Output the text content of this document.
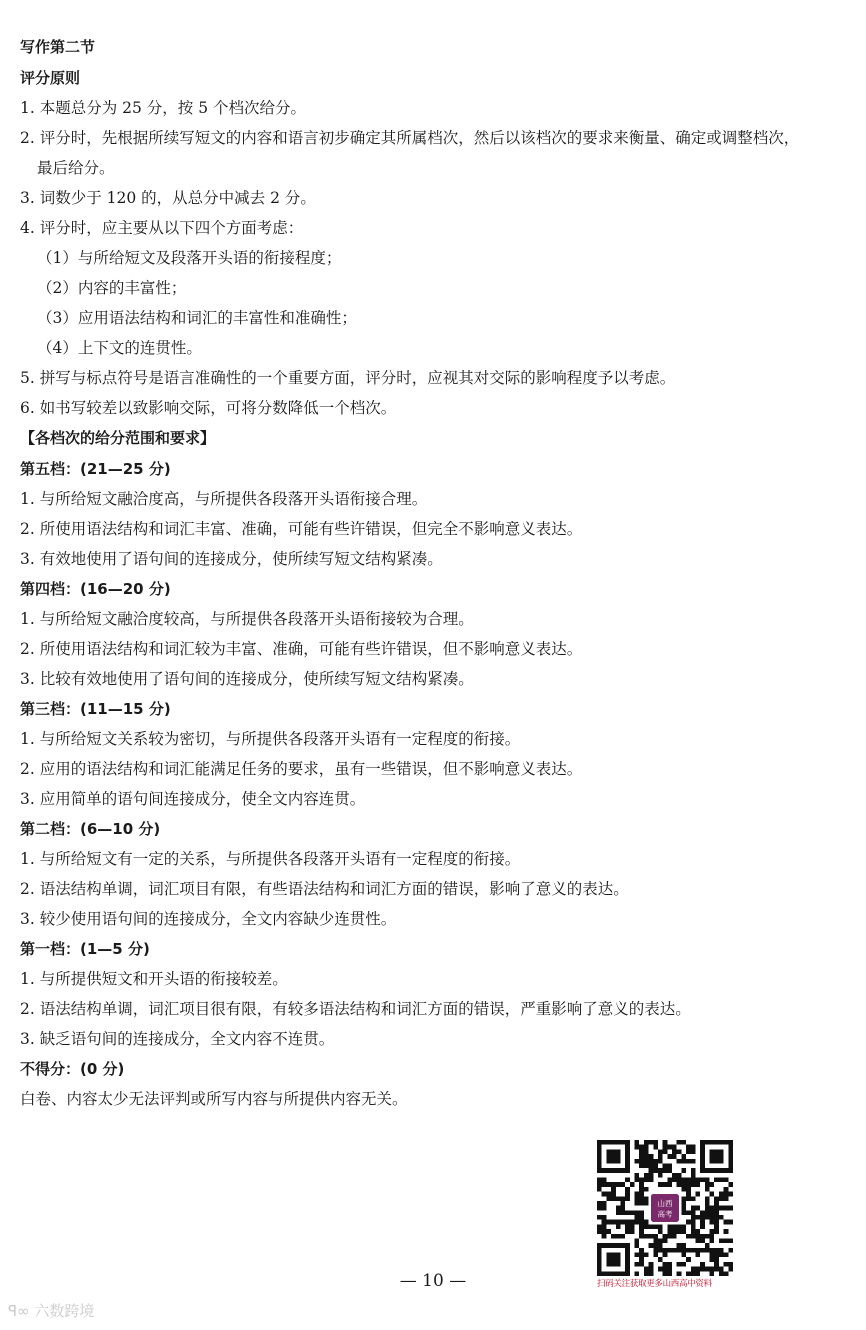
写作第二节
评分原则
1. 本题总分为 25 分，按 5 个档次给分。
2. 评分时，先根据所续写短文的内容和语言初步确定其所属档次，然后以该档次的要求来衡量、确定或调整档次，
最后给分。
3. 词数少于 120 的，从总分中减去 2 分。
4. 评分时，应主要从以下四个方面考虑：
（1）与所给短文及段落开头语的衔接程度；
（2）内容的丰富性；
（3）应用语法结构和词汇的丰富性和准确性；
（4）上下文的连贯性。
5. 拼写与标点符号是语言准确性的一个重要方面，评分时，应视其对交际的影响程度予以考虑。
6. 如书写较差以致影响交际，可将分数降低一个档次。
【各档次的给分范围和要求】
第五档：(21—25 分)
1. 与所给短文融洽度高，与所提供各段落开头语衔接合理。
2. 所使用语法结构和词汇丰富、准确，可能有些许错误，但完全不影响意义表达。
3. 有效地使用了语句间的连接成分，使所续写短文结构紧凑。
第四档：(16—20 分)
1. 与所给短文融洽度较高，与所提供各段落开头语衔接较为合理。
2. 所使用语法结构和词汇较为丰富、准确，可能有些许错误，但不影响意义表达。
3. 比较有效地使用了语句间的连接成分，使所续写短文结构紧凑。
第三档：(11—15 分)
1. 与所给短文关系较为密切，与所提供各段落开头语有一定程度的衔接。
2. 应用的语法结构和词汇能满足任务的要求，虽有一些错误，但不影响意义表达。
3. 应用简单的语句间连接成分，使全文内容连贯。
第二档：(6—10 分)
1. 与所给短文有一定的关系，与所提供各段落开头语有一定程度的衔接。
2. 语法结构单调，词汇项目有限，有些语法结构和词汇方面的错误，影响了意义的表达。
3. 较少使用语句间的连接成分，全文内容缺少连贯性。
第一档：(1—5 分)
1. 与所提供短文和开头语的衔接较差。
2. 语法结构单调，词汇项目很有限，有较多语法结构和词汇方面的错误，严重影响了意义的表达。
3. 缺乏语句间的连接成分，全文内容不连贯。
不得分：(0 分)
白卷、内容太少无法评判或所写内容与所提供内容无关。
山西
高考
扫码关注获取更多山西高中资料
— 10 —
ꟼ∞ 六数跨境
